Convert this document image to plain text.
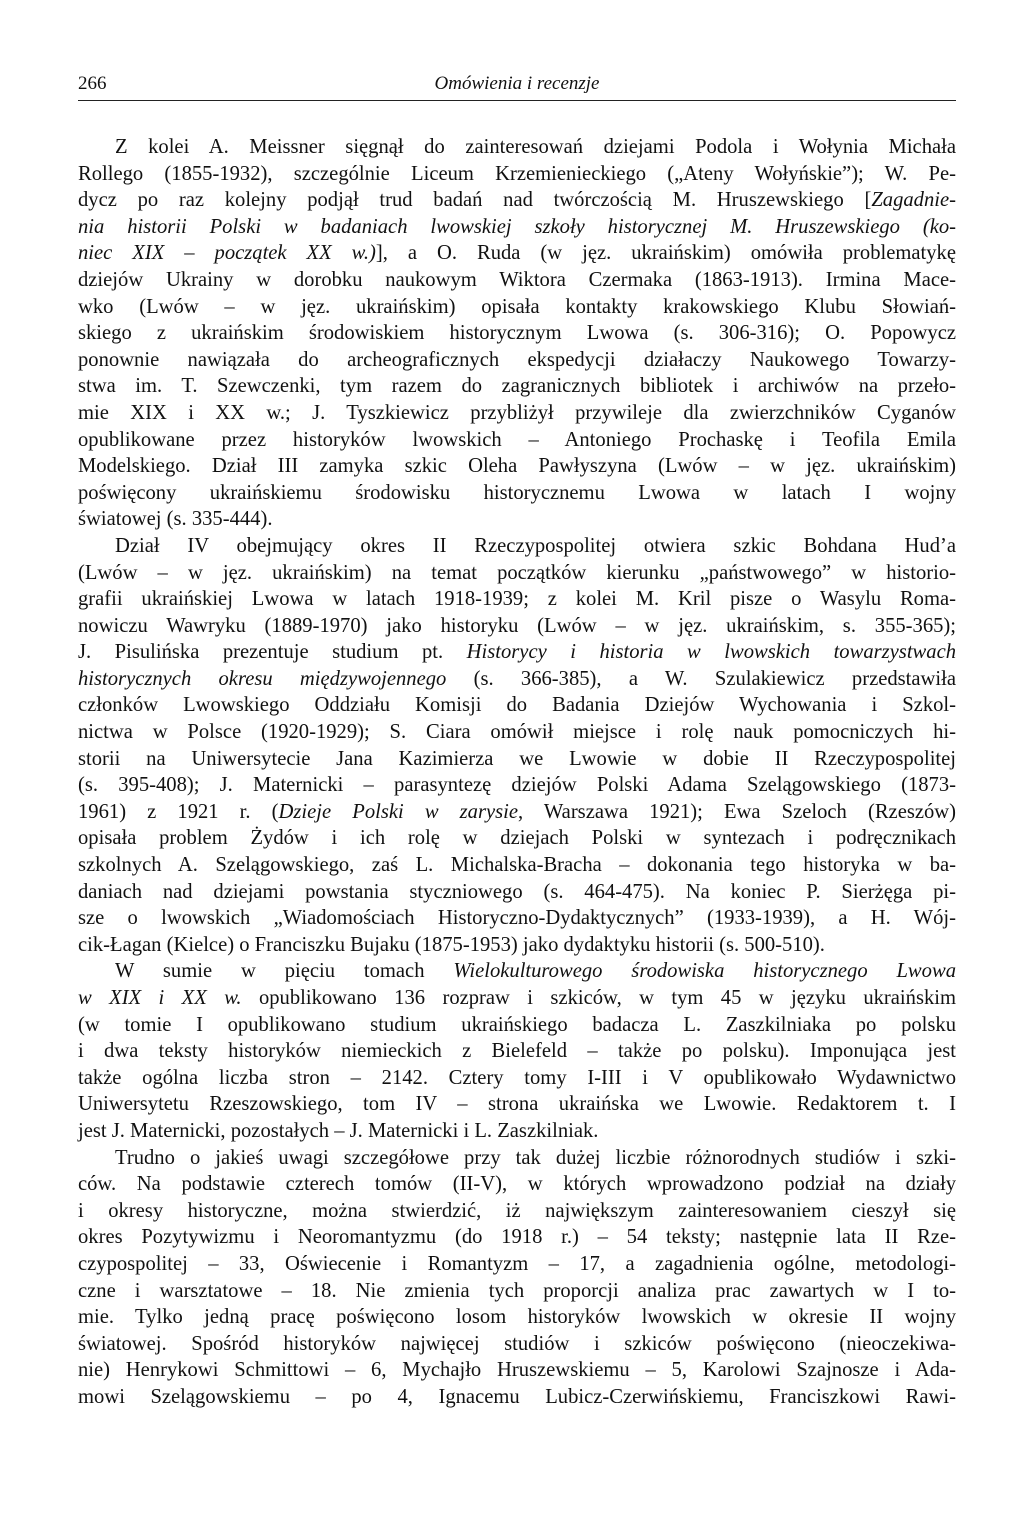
266	Omówienia i recenzje
Z kolei A. Meissner sięgnął do zainteresowań dziejami Podola i Wołynia Michała
Rollego (1855-1932), szczególnie Liceum Krzemienieckiego („Ateny Wołyńskie”); W. Pe-
dycz po raz kolejny podjął trud badań nad twórczością M. Hruszewskiego [Zagadnie-
nia historii Polski w badaniach lwowskiej szkoły historycznej M. Hruszewskiego (ko-
niec XIX – początek XX w.)], a O. Ruda (w jęz. ukraińskim) omówiła problematykę
dziejów Ukrainy w dorobku naukowym Wiktora Czermaka (1863-1913). Irmina Mace-
wko (Lwów – w jęz. ukraińskim) opisała kontakty krakowskiego Klubu Słowiań-
skiego z ukraińskim środowiskiem historycznym Lwowa (s. 306-316); O. Popowycz
ponownie nawiązała do archeograficznych ekspedycji działaczy Naukowego Towarzy-
stwa im. T. Szewczenki, tym razem do zagranicznych bibliotek i archiwów na przeło-
mie XIX i XX w.; J. Tyszkiewicz przybliżył przywileje dla zwierzchników Cyganów
opublikowane przez historyków lwowskich – Antoniego Prochaskę i Teofila Emila
Modelskiego. Dział III zamyka szkic Oleha Pawłyszyna (Lwów – w jęz. ukraińskim)
poświęcony ukraińskiemu środowisku historycznemu Lwowa w latach I wojny
światowej (s. 335-444).
Dział IV obejmujący okres II Rzeczypospolitej otwiera szkic Bohdana Hud’a
(Lwów – w jęz. ukraińskim) na temat początków kierunku „państwowego” w historio-
grafii ukraińskiej Lwowa w latach 1918-1939; z kolei M. Kril pisze o Wasylu Roma-
nowiczu Wawryku (1889-1970) jako historyku (Lwów – w jęz. ukraińskim, s. 355-365);
J. Pisulińska prezentuje studium pt. Historycy i historia w lwowskich towarzystwach
historycznych okresu międzywojennego (s. 366-385), a W. Szulakiewicz przedstawiła
członków Lwowskiego Oddziału Komisji do Badania Dziejów Wychowania i Szkol-
nictwa w Polsce (1920-1929); S. Ciara omówił miejsce i rolę nauk pomocniczych hi-
storii na Uniwersytecie Jana Kazimierza we Lwowie w dobie II Rzeczypospolitej
(s. 395-408); J. Maternicki – parasyntezę dziejów Polski Adama Szelągowskiego (1873-
1961) z 1921 r. (Dzieje Polski w zarysie, Warszawa 1921); Ewa Szeloch (Rzeszów)
opisała problem Żydów i ich rolę w dziejach Polski w syntezach i podręcznikach
szkolnych A. Szelągowskiego, zaś L. Michalska-Bracha – dokonania tego historyka w ba-
daniach nad dziejami powstania styczniowego (s. 464-475). Na koniec P. Sierżęga pi-
sze o lwowskich „Wiadomościach Historyczno-Dydaktycznych” (1933-1939), a H. Wój-
cik-Łagan (Kielce) o Franciszku Bujaku (1875-1953) jako dydaktyku historii (s. 500-510).
W sumie w pięciu tomach Wielokulturowego środowiska historycznego Lwowa
w XIX i XX w. opublikowano 136 rozpraw i szkiców, w tym 45 w języku ukraińskim
(w tomie I opublikowano studium ukraińskiego badacza L. Zaszkilniaka po polsku
i dwa teksty historyków niemieckich z Bielefeld – także po polsku). Imponująca jest
także ogólna liczba stron – 2142. Cztery tomy I-III i V opublikowało Wydawnictwo
Uniwersytetu Rzeszowskiego, tom IV – strona ukraińska we Lwowie. Redaktorem t. I
jest J. Maternicki, pozostałych – J. Maternicki i L. Zaszkilniak.
Trudno o jakieś uwagi szczegółowe przy tak dużej liczbie różnorodnych studiów i szki-
ców. Na podstawie czterech tomów (II-V), w których wprowadzono podział na działy
i okresy historyczne, można stwierdzić, iż największym zainteresowaniem cieszył się
okres Pozytywizmu i Neoromantyzmu (do 1918 r.) – 54 teksty; następnie lata II Rze-
czypospolitej – 33, Oświecenie i Romantyzm – 17, a zagadnienia ogólne, metodologi-
czne i warsztatowe – 18. Nie zmienia tych proporcji analiza prac zawartych w I to-
mie. Tylko jedną pracę poświęcono losom historyków lwowskich w okresie II wojny
światowej. Spośród historyków najwięcej studiów i szkiców poświęcono (nieoczekiwa-
nie) Henrykowi Schmittowi – 6, Mychajło Hruszewskiemu – 5, Karolowi Szajnosze i Ada-
mowi Szelągowskiemu – po 4, Ignacemu Lubicz-Czerwińskiemu, Franciszkowi Rawi-
